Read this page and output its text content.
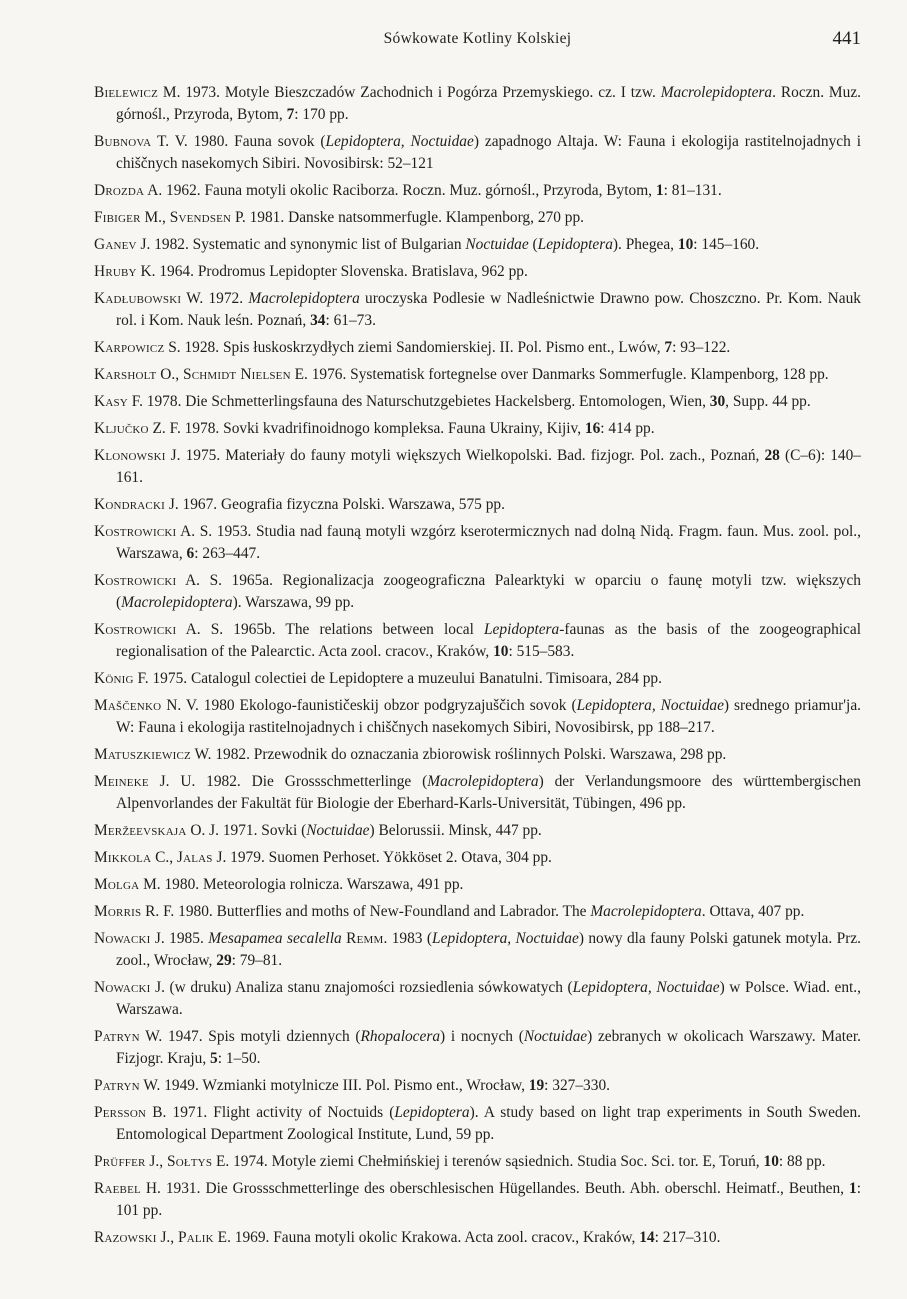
Sówkowate Kotliny Kolskiej	441
Bielewicz M. 1973. Motyle Bieszczadów Zachodnich i Pogórza Przemyskiego. cz. I tzw. Macrolepidoptera. Roczn. Muz. górnośl., Przyroda, Bytom, 7: 170 pp.
Bubnova T. V. 1980. Fauna sovok (Lepidoptera, Noctuidae) zapadnogo Altaja. W: Fauna i ekologija rastitelnojadnych i chiščnych nasekomych Sibiri. Novosibirsk: 52–121
Drozda A. 1962. Fauna motyli okolic Raciborza. Roczn. Muz. górnośl., Przyroda, Bytom, 1: 81–131.
Fibiger M., Svendsen P. 1981. Danske natsommerfugle. Klampenborg, 270 pp.
Ganev J. 1982. Systematic and synonymic list of Bulgarian Noctuidae (Lepidoptera). Phegea, 10: 145–160.
Hruby K. 1964. Prodromus Lepidopter Slovenska. Bratislava, 962 pp.
Kadłubowski W. 1972. Macrolepidoptera uroczyska Podlesie w Nadleśnictwie Drawno pow. Choszczno. Pr. Kom. Nauk rol. i Kom. Nauk leśn. Poznań, 34: 61–73.
Karpowicz S. 1928. Spis łuskoskrzydłych ziemi Sandomierskiej. II. Pol. Pismo ent., Lwów, 7: 93–122.
Karsholt O., Schmidt Nielsen E. 1976. Systematisk fortegnelse over Danmarks Sommerfugle. Klampenborg, 128 pp.
Kasy F. 1978. Die Schmetterlingsfauna des Naturschutzgebietes Hackelsberg. Entomologen, Wien, 30, Supp. 44 pp.
Ključko Z. F. 1978. Sovki kvadrifinoidnogo kompleksa. Fauna Ukrainy, Kijiv, 16: 414 pp.
Klonowski J. 1975. Materiały do fauny motyli większych Wielkopolski. Bad. fizjogr. Pol. zach., Poznań, 28 (C–6): 140–161.
Kondracki J. 1967. Geografia fizyczna Polski. Warszawa, 575 pp.
Kostrowicki A. S. 1953. Studia nad fauną motyli wzgórz kserotermicznych nad dolną Nidą. Fragm. faun. Mus. zool. pol., Warszawa, 6: 263–447.
Kostrowicki A. S. 1965a. Regionalizacja zoogeograficzna Palearktyki w oparciu o faunę motyli tzw. większych (Macrolepidoptera). Warszawa, 99 pp.
Kostrowicki A. S. 1965b. The relations between local Lepidoptera-faunas as the basis of the zoogeographical regionalisation of the Palearctic. Acta zool. cracov., Kraków, 10: 515–583.
König F. 1975. Catalogul colectiei de Lepidoptere a muzeului Banatulni. Timisoara, 284 pp.
Maščenko N. V. 1980 Ekologo-faunističeskij obzor podgryzajuščich sovok (Lepidoptera, Noctuidae) srednego priamur'ja. W: Fauna i ekologija rastitelnojadnych i chiščnych nasekomych Sibiri, Novosibirsk, pp 188–217.
Matuszkiewicz W. 1982. Przewodnik do oznaczania zbiorowisk roślinnych Polski. Warszawa, 298 pp.
Meineke J. U. 1982. Die Grossschmetterlinge (Macrolepidoptera) der Verlandungsmoore des württembergischen Alpenvorlandes der Fakultät für Biologie der Eberhard-Karls-Universität, Tübingen, 496 pp.
Meržeevskaja O. J. 1971. Sovki (Noctuidae) Belorussii. Minsk, 447 pp.
Mikkola C., Jalas J. 1979. Suomen Perhoset. Yökköset 2. Otava, 304 pp.
Molga M. 1980. Meteorologia rolnicza. Warszawa, 491 pp.
Morris R. F. 1980. Butterflies and moths of New-Foundland and Labrador. The Macrolepidoptera. Ottava, 407 pp.
Nowacki J. 1985. Mesapamea secalella Remm. 1983 (Lepidoptera, Noctuidae) nowy dla fauny Polski gatunek motyla. Prz. zool., Wrocław, 29: 79–81.
Nowacki J. (w druku) Analiza stanu znajomości rozsiedlenia sówkowatych (Lepidoptera, Noctuidae) w Polsce. Wiad. ent., Warszawa.
Patryn W. 1947. Spis motyli dziennych (Rhopalocera) i nocnych (Noctuidae) zebranych w okolicach Warszawy. Mater. Fizjogr. Kraju, 5: 1–50.
Patryn W. 1949. Wzmianki motylnicze III. Pol. Pismo ent., Wrocław, 19: 327–330.
Persson B. 1971. Flight activity of Noctuids (Lepidoptera). A study based on light trap experiments in South Sweden. Entomological Department Zoological Institute, Lund, 59 pp.
Prüffer J., Sołtys E. 1974. Motyle ziemi Chełmińskiej i terenów sąsiednich. Studia Soc. Sci. tor. E, Toruń, 10: 88 pp.
Raebel H. 1931. Die Grossschmetterlinge des oberschlesischen Hügellandes. Beuth. Abh. oberschl. Heimatf., Beuthen, 1: 101 pp.
Razowski J., Palik E. 1969. Fauna motyli okolic Krakowa. Acta zool. cracov., Kraków, 14: 217–310.
